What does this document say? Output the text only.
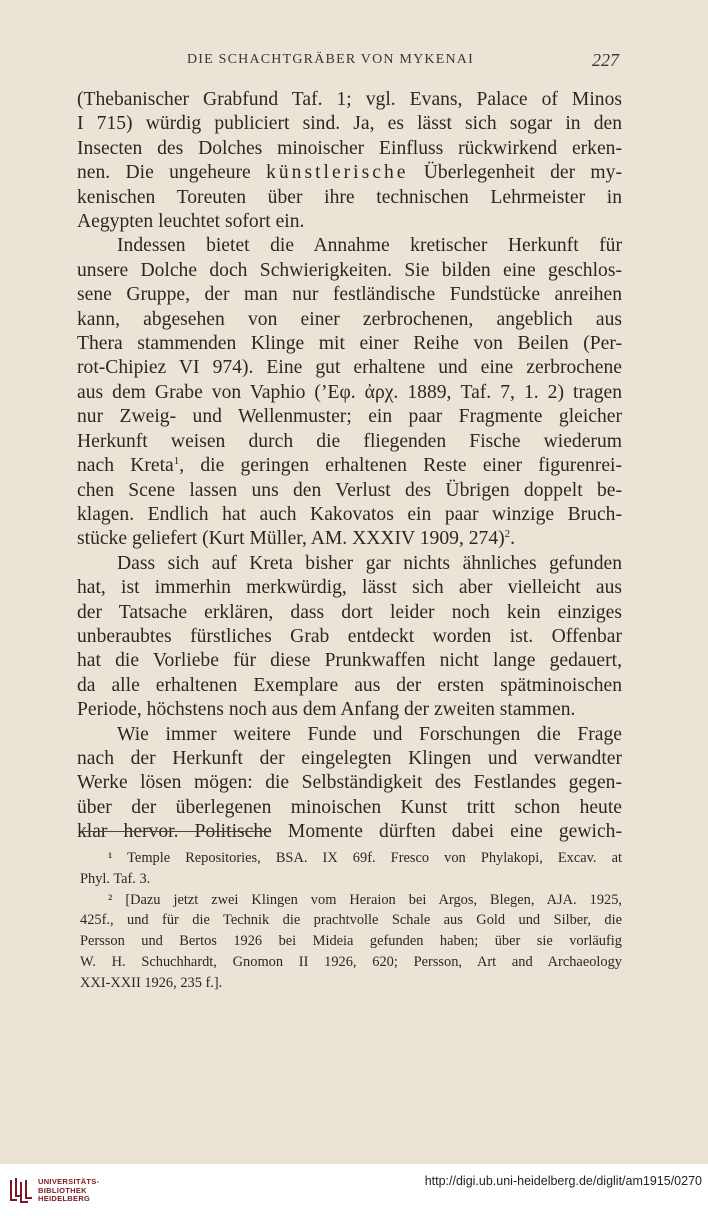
DIE SCHACHTGRÄBER VON MYKENAI	227
(Thebanischer Grabfund Taf. 1; vgl. Evans, Palace of Minos
I 715) würdig publiciert sind. Ja, es lässt sich sogar in den
Insecten des Dolches minoischer Einfluss rückwirkend erken-
nen. Die ungeheure künstlerische Überlegenheit der my-
kenischen Toreuten über ihre technischen Lehrmeister in
Aegypten leuchtet sofort ein.
Indessen bietet die Annahme kretischer Herkunft für
unsere Dolche doch Schwierigkeiten. Sie bilden eine geschlos-
sene Gruppe, der man nur festländische Fundstücke anreihen
kann, abgesehen von einer zerbrochenen, angeblich aus
Thera stammenden Klinge mit einer Reihe von Beilen (Per-
rot-Chipiez VI 974). Eine gut erhaltene und eine zerbrochene
aus dem Grabe von Vaphio (’Εφ. ἀρχ. 1889, Taf. 7, 1. 2) tragen
nur Zweig- und Wellenmuster; ein paar Fragmente gleicher
Herkunft weisen durch die fliegenden Fische wiederum
nach Kreta$^1$, die geringen erhaltenen Reste einer figurenrei-
chen Scene lassen uns den Verlust des Übrigen doppelt be-
klagen. Endlich hat auch Kakovatos ein paar winzige Bruch-
stücke geliefert (Kurt Müller, AM. XXXIV 1909, 274)$^2$.
Dass sich auf Kreta bisher gar nichts ähnliches gefunden
hat, ist immerhin merkwürdig, lässt sich aber vielleicht aus
der Tatsache erklären, dass dort leider noch kein einziges
unberaubtes fürstliches Grab entdeckt worden ist. Offenbar
hat die Vorliebe für diese Prunkwaffen nicht lange gedauert,
da alle erhaltenen Exemplare aus der ersten spätminoischen
Periode, höchstens noch aus dem Anfang der zweiten stammen.
Wie immer weitere Funde und Forschungen die Frage
nach der Herkunft der eingelegten Klingen und verwandter
Werke lösen mögen: die Selbständigkeit des Festlandes gegen-
über der überlegenen minoischen Kunst tritt schon heute
klar hervor. Politische Momente dürften dabei eine gewich-
¹ Temple Repositories, BSA. IX 69f. Fresco von Phylakopi, Excav. at
Phyl. Taf. 3.
² [Dazu jetzt zwei Klingen vom Heraion bei Argos, Blegen, AJA. 1925,
425f., und für die Technik die prachtvolle Schale aus Gold und Silber, die
Persson und Bertos 1926 bei Mideia gefunden haben; über sie vorläufig
W. H. Schuchhardt, Gnomon II 1926, 620; Persson, Art and Archaeology
XXI-XXII 1926, 235 f.].
UNIVERSITÄTS-
BIBLIOTHEK
HEIDELBERG
http://digi.ub.uni-heidelberg.de/diglit/am1915/0270
